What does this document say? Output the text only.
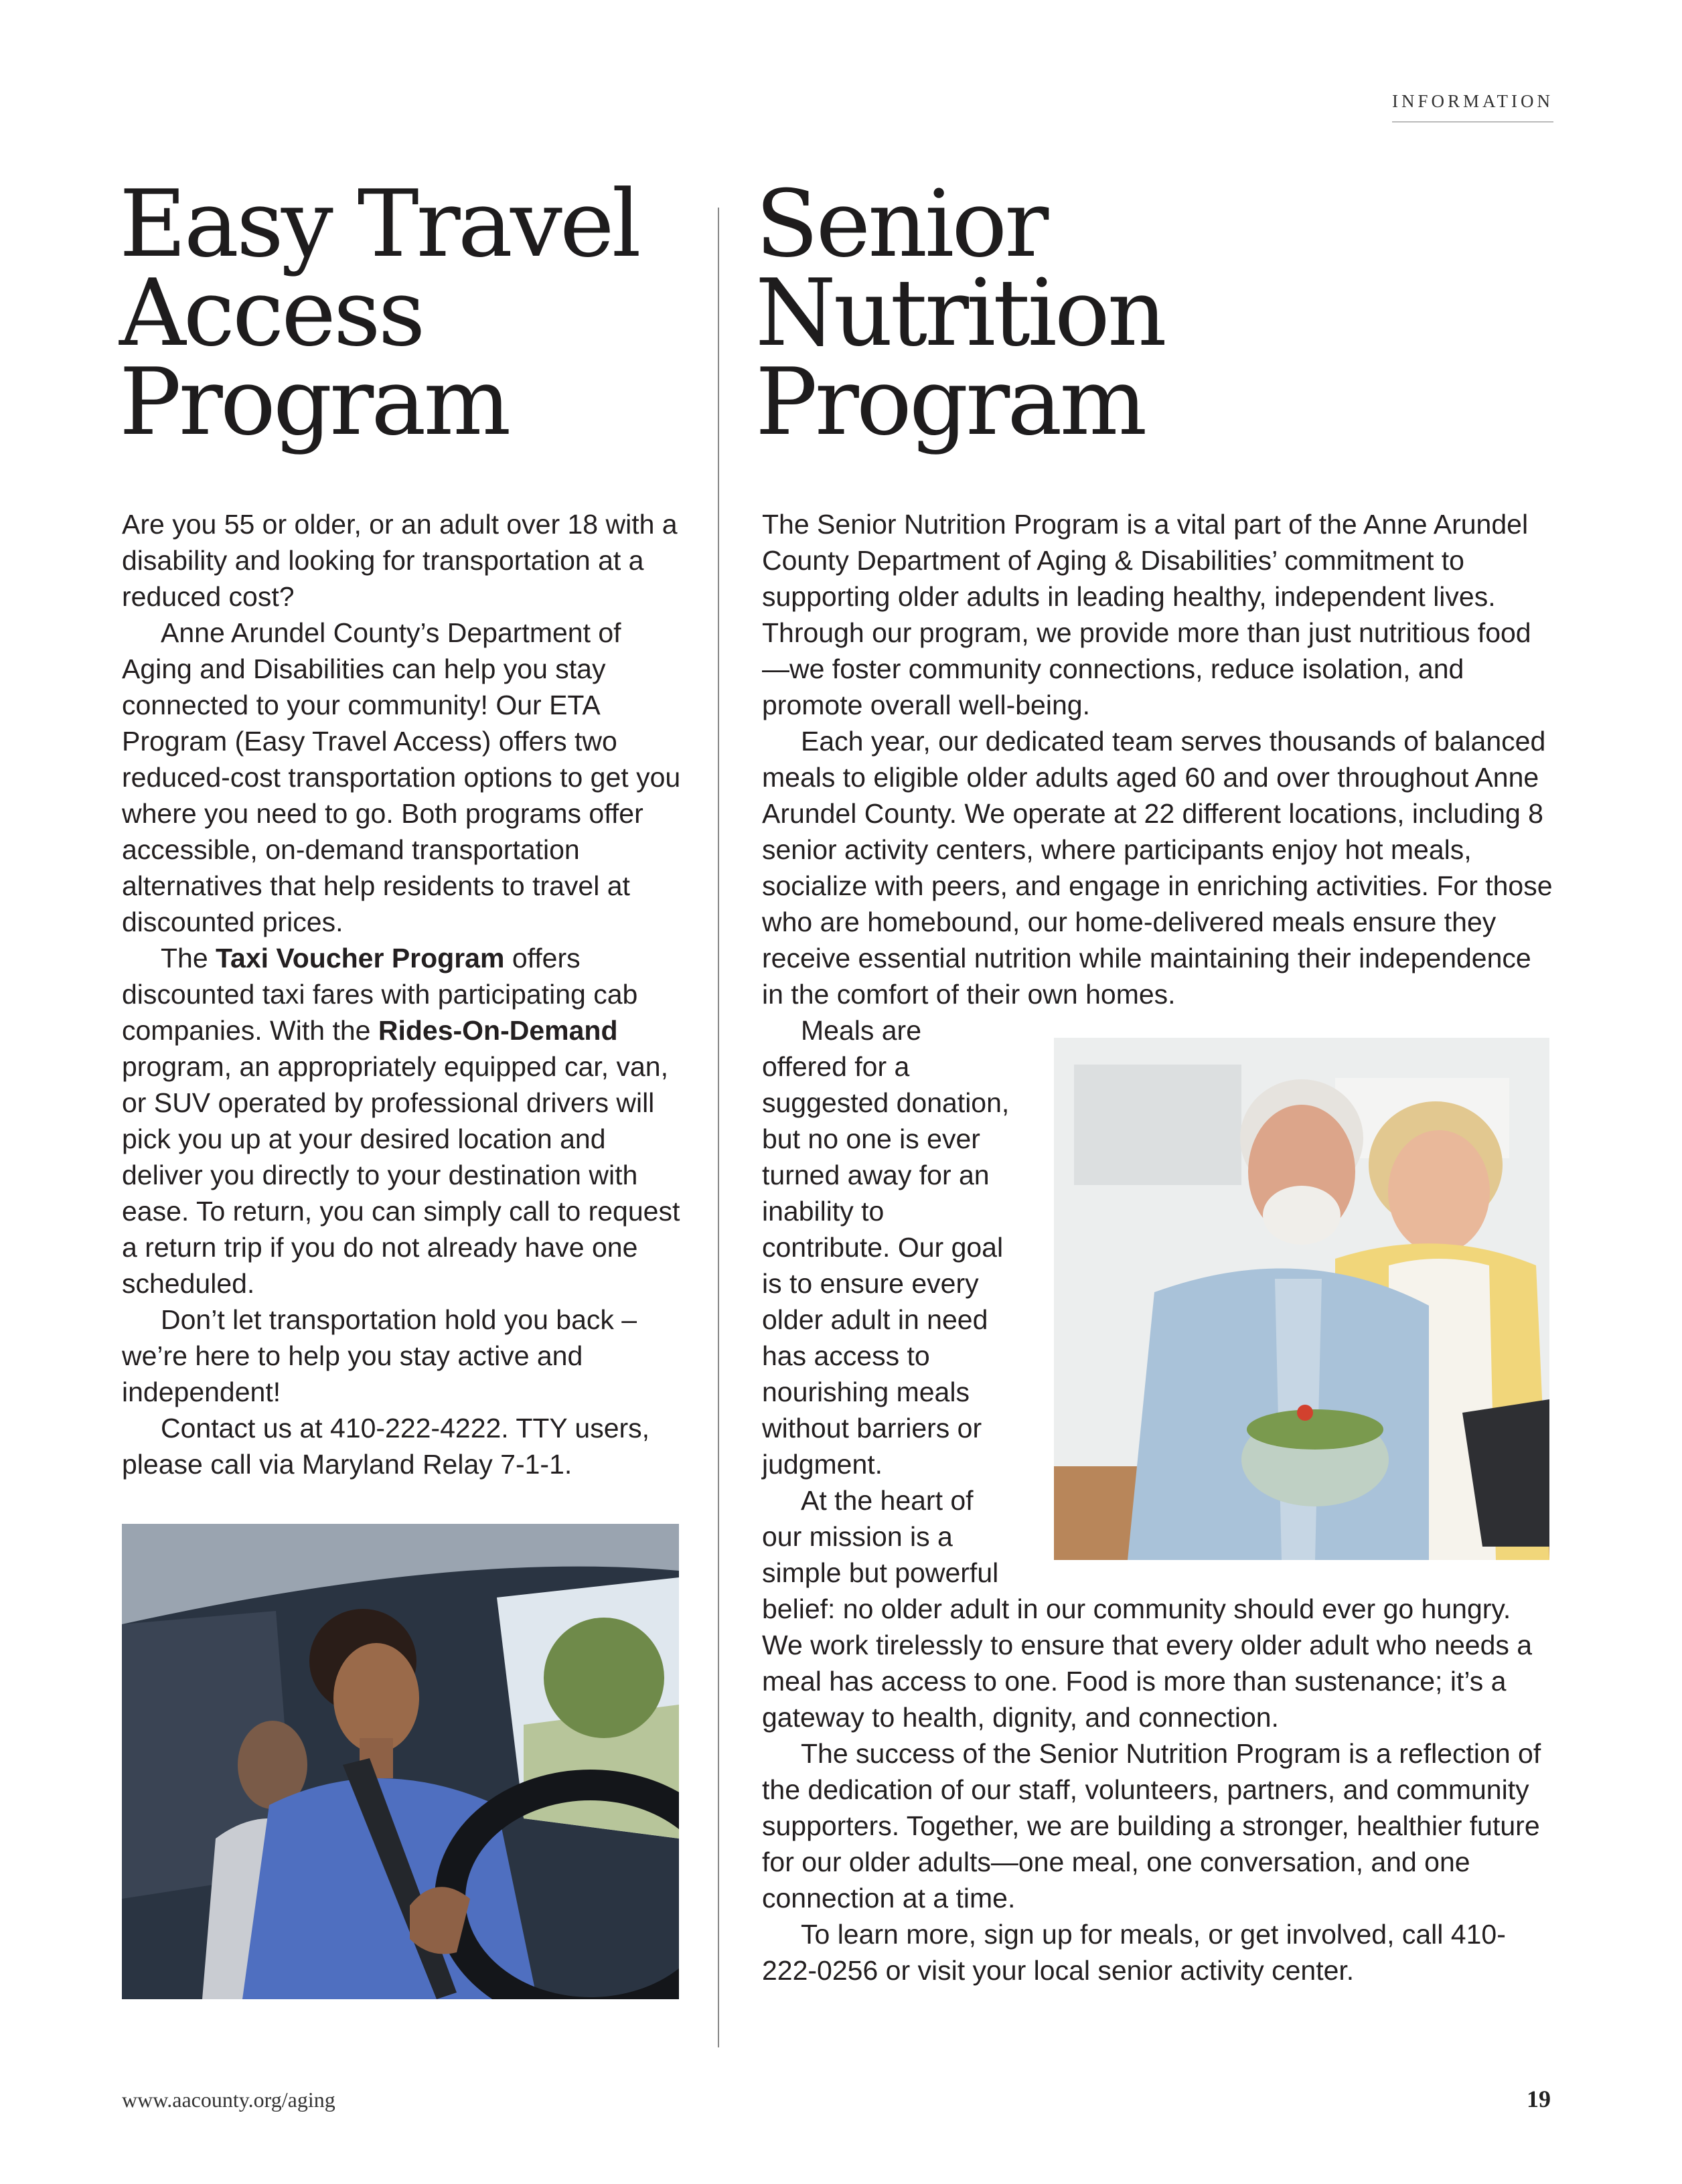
INFORMATION
Easy Travel
Access
Program
Senior
Nutrition
Program

Are you 55 or older, or an adult over 18 with a disability and looking for transportation at a reduced cost?

Anne Arundel County’s Department of Aging and Disabilities can help you stay connected to your community! Our ETA Program (Easy Travel Access) offers two reduced-cost transportation options to get you where you need to go. Both programs offer accessible, on-demand transportation alternatives that help residents to travel at discounted prices.

The Taxi Voucher Program offers discounted taxi fares with participating cab companies. With the Rides-On-Demand program, an appropriately equipped car, van, or SUV operated by professional drivers will pick you up at your desired location and deliver you directly to your destination with ease. To return, you can simply call to request a return trip if you do not already have one scheduled.

Don’t let transportation hold you back – we’re here to help you stay active and independent!

Contact us at 410-222-4222. TTY users, please call via Maryland Relay 7-1-1.

The Senior Nutrition Program is a vital part of the Anne Arundel County Department of Aging & Disabilities’ commitment to supporting older adults in leading healthy, independent lives. Through our program, we provide more than just nutritious food—we foster community connections, reduce isolation, and promote overall well-being.

Each year, our dedicated team serves thousands of balanced meals to eligible older adults aged 60 and over throughout Anne Arundel County. We operate at 22 different locations, including 8 senior activity centers, where participants enjoy hot meals, socialize with peers, and engage in enriching activities. For those who are homebound, our home-delivered meals ensure they receive essential nutrition while maintaining their independence in the comfort of their own homes.

Meals are offered for a suggested donation, but no one is ever turned away for an inability to contribute. Our goal is to ensure every older adult in need has access to nourishing meals without barriers or judgment.

At the heart of our mission is a simple but powerful belief: no older adult in our community should ever go hungry. We work tirelessly to ensure that every older adult who needs a meal has access to one. Food is more than sustenance; it’s a gateway to health, dignity, and connection.

The success of the Senior Nutrition Program is a reflection of the dedication of our staff, volunteers, partners, and community supporters. Together, we are building a stronger, healthier future for our older adults—one meal, one conversation, and one connection at a time.

To learn more, sign up for meals, or get involved, call 410-222-0256 or visit your local senior activity center.

www.aacounty.org/aging	19
